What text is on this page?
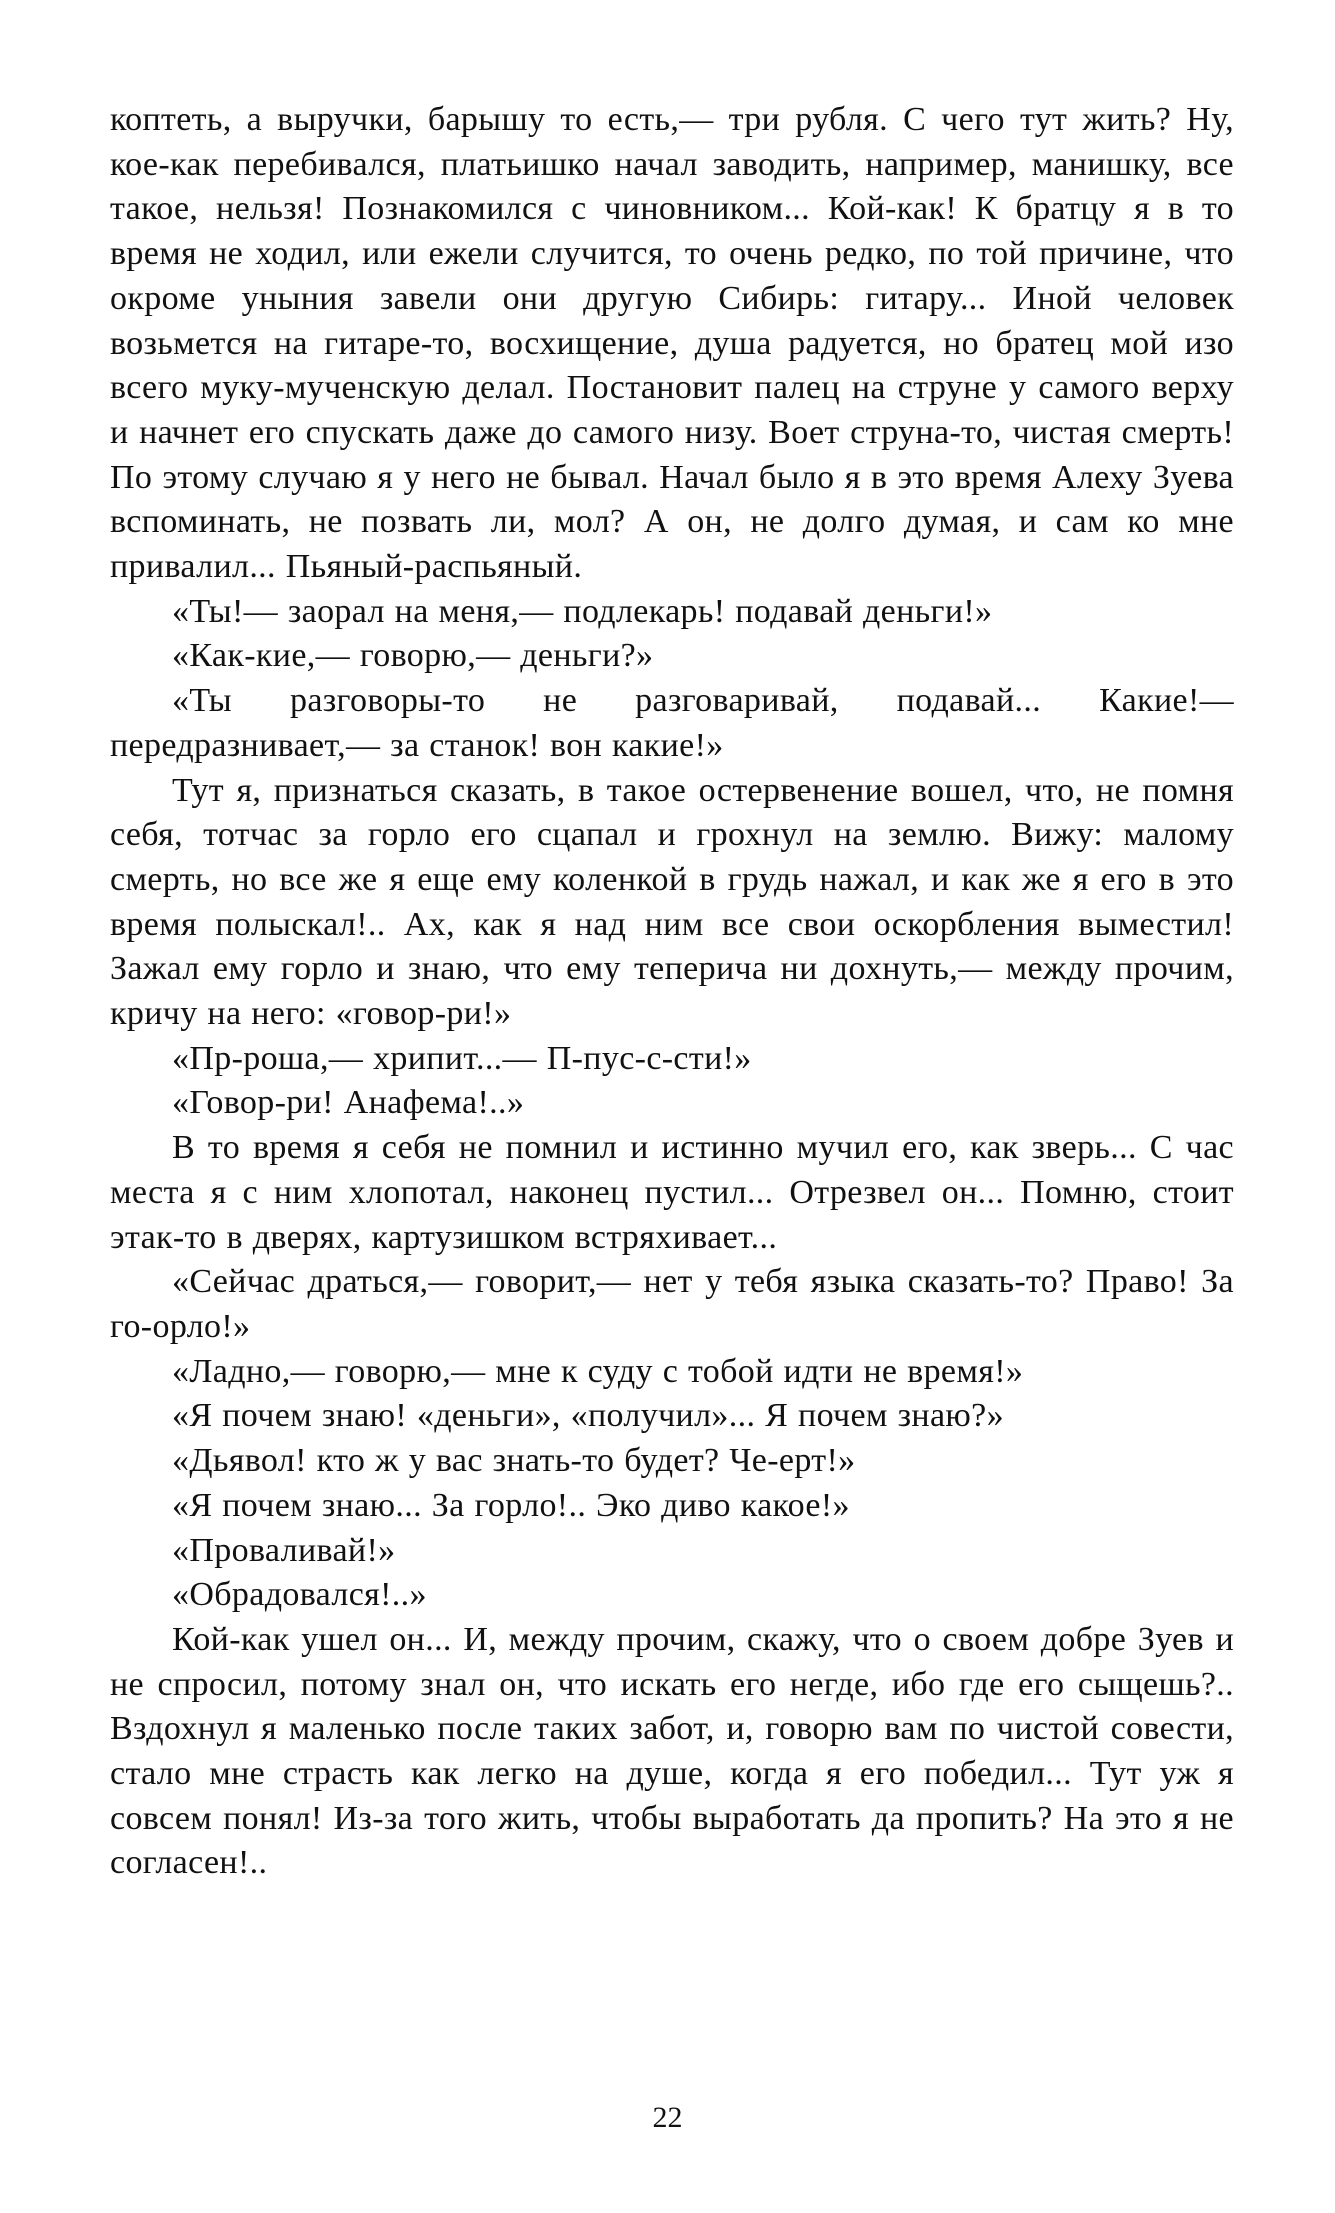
коптеть, а выручки, барышу то есть,— три рубля. С чего тут жить? Ну, кое-как перебивался, платьишко начал заводить, например, манишку, все такое, нельзя! Познакомился с чиновником... Кой-как! К братцу я в то время не ходил, или ежели случится, то очень редко, по той причине, что окроме уныния завели они другую Сибирь: гитару... Иной человек возьмется на гитаре-то, восхищение, душа радуется, но братец мой изо всего муку-мученскую делал. Постановит палец на струне у самого верху и начнет его спускать даже до самого низу. Воет струна-то, чистая смерть! По этому случаю я у него не бывал. Начал было я в это время Алеху Зуева вспоминать, не позвать ли, мол? А он, не долго думая, и сам ко мне привалил... Пьяный-распьяный.

«Ты!— заорал на меня,— подлекарь! подавай деньги!»

«Как-кие,— говорю,— деньги?»

«Ты разговоры-то не разговаривай, подавай... Какие!— передразнивает,— за станок! вон какие!»

Тут я, признаться сказать, в такое остервенение вошел, что, не помня себя, тотчас за горло его сцапал и грохнул на землю. Вижу: малому смерть, но все же я еще ему коленкой в грудь нажал, и как же я его в это время полыскал!.. Ах, как я над ним все свои оскорбления выместил! Зажал ему горло и знаю, что ему теперича ни дохнуть,— между прочим, кричу на него: «говор-ри!»

«Пр-роша,— хрипит...— П-пус-с-сти!»

«Говор-ри! Анафема!..»

В то время я себя не помнил и истинно мучил его, как зверь... С час места я с ним хлопотал, наконец пустил... Отрезвел он... Помню, стоит этак-то в дверях, картузишком встряхивает...

«Сейчас драться,— говорит,— нет у тебя языка сказать-то? Право! За го-орло!»

«Ладно,— говорю,— мне к суду с тобой идти не время!»

«Я почем знаю! «деньги», «получил»... Я почем знаю?»

«Дьявол! кто ж у вас знать-то будет? Че-ерт!»

«Я почем знаю... За горло!.. Эко диво какое!»

«Проваливай!»

«Обрадовался!..»

Кой-как ушел он... И, между прочим, скажу, что о своем добре Зуев и не спросил, потому знал он, что искать его негде, ибо где его сыщешь?.. Вздохнул я маленько после таких забот, и, говорю вам по чистой совести, стало мне страсть как легко на душе, когда я его победил... Тут уж я совсем понял! Из-за того жить, чтобы выработать да пропить? На это я не согласен!..

22
